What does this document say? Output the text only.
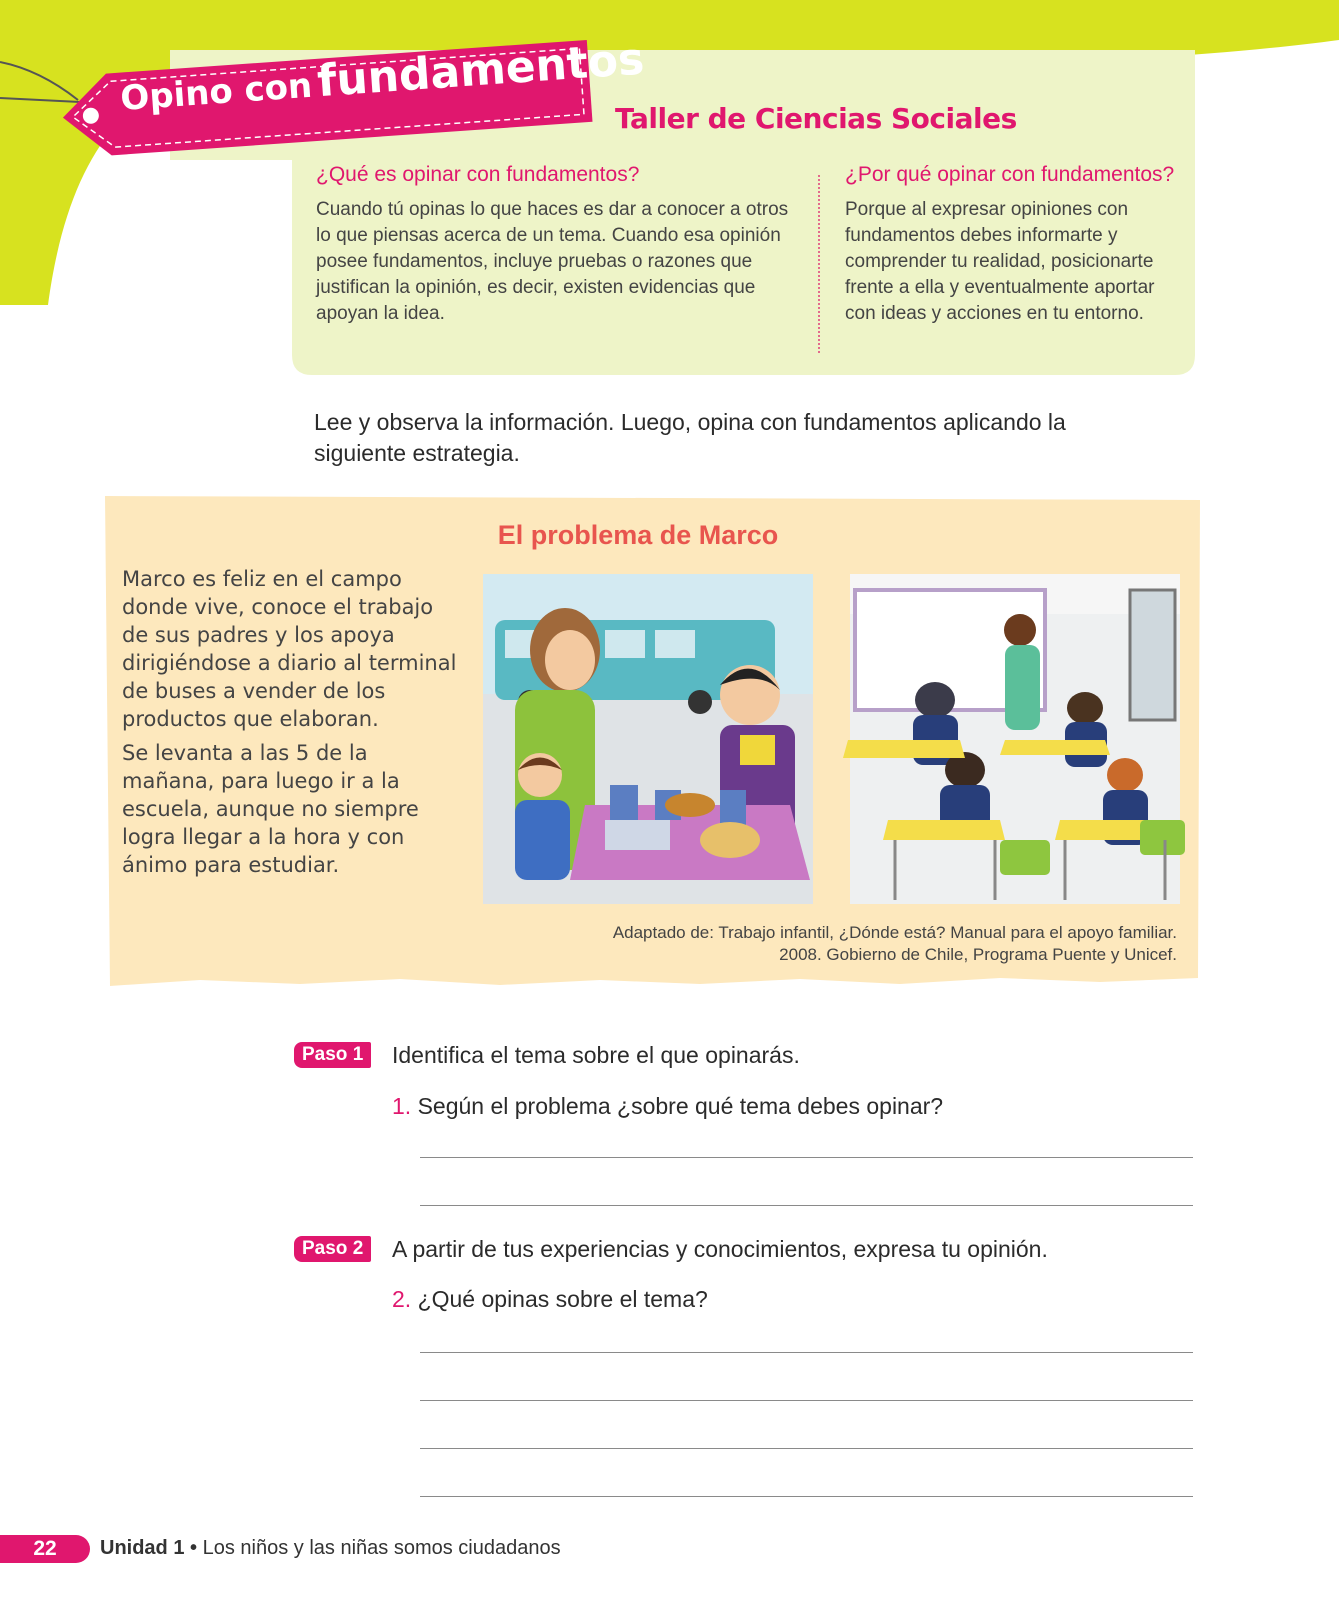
Opino con fundamentos
Taller de Ciencias Sociales

¿Qué es opinar con fundamentos?

Cuando tú opinas lo que haces es dar a conocer a otros lo que piensas acerca de un tema. Cuando esa opinión posee fundamentos, incluye pruebas o razones que justifican la opinión, es decir, existen evidencias que apoyan la idea.

¿Por qué opinar con fundamentos?

Porque al expresar opiniones con fundamentos debes informarte y comprender tu realidad, posicionarte frente a ella y eventualmente aportar con ideas y acciones en tu entorno.

Lee y observa la información. Luego, opina con fundamentos aplicando la siguiente estrategia.
El problema de Marco

Marco es feliz en el campo donde vive, conoce el trabajo de sus padres y los apoya dirigiéndose a diario al terminal de buses a vender de los productos que elaboran.

Se levanta a las 5 de la mañana, para luego ir a la escuela, aunque no siempre logra llegar a la hora y con ánimo para estudiar.

Adaptado de: Trabajo infantil, ¿Dónde está? Manual para el apoyo familiar.
2008. Gobierno de Chile, Programa Puente y Unicef.
Paso 1	Identifica el tema sobre el que opinarás.
1. Según el problema ¿sobre qué tema debes opinar?
Paso 2	A partir de tus experiencias y conocimientos, expresa tu opinión.
2. ¿Qué opinas sobre el tema?
22	Unidad 1 • Los niños y las niñas somos ciudadanos
